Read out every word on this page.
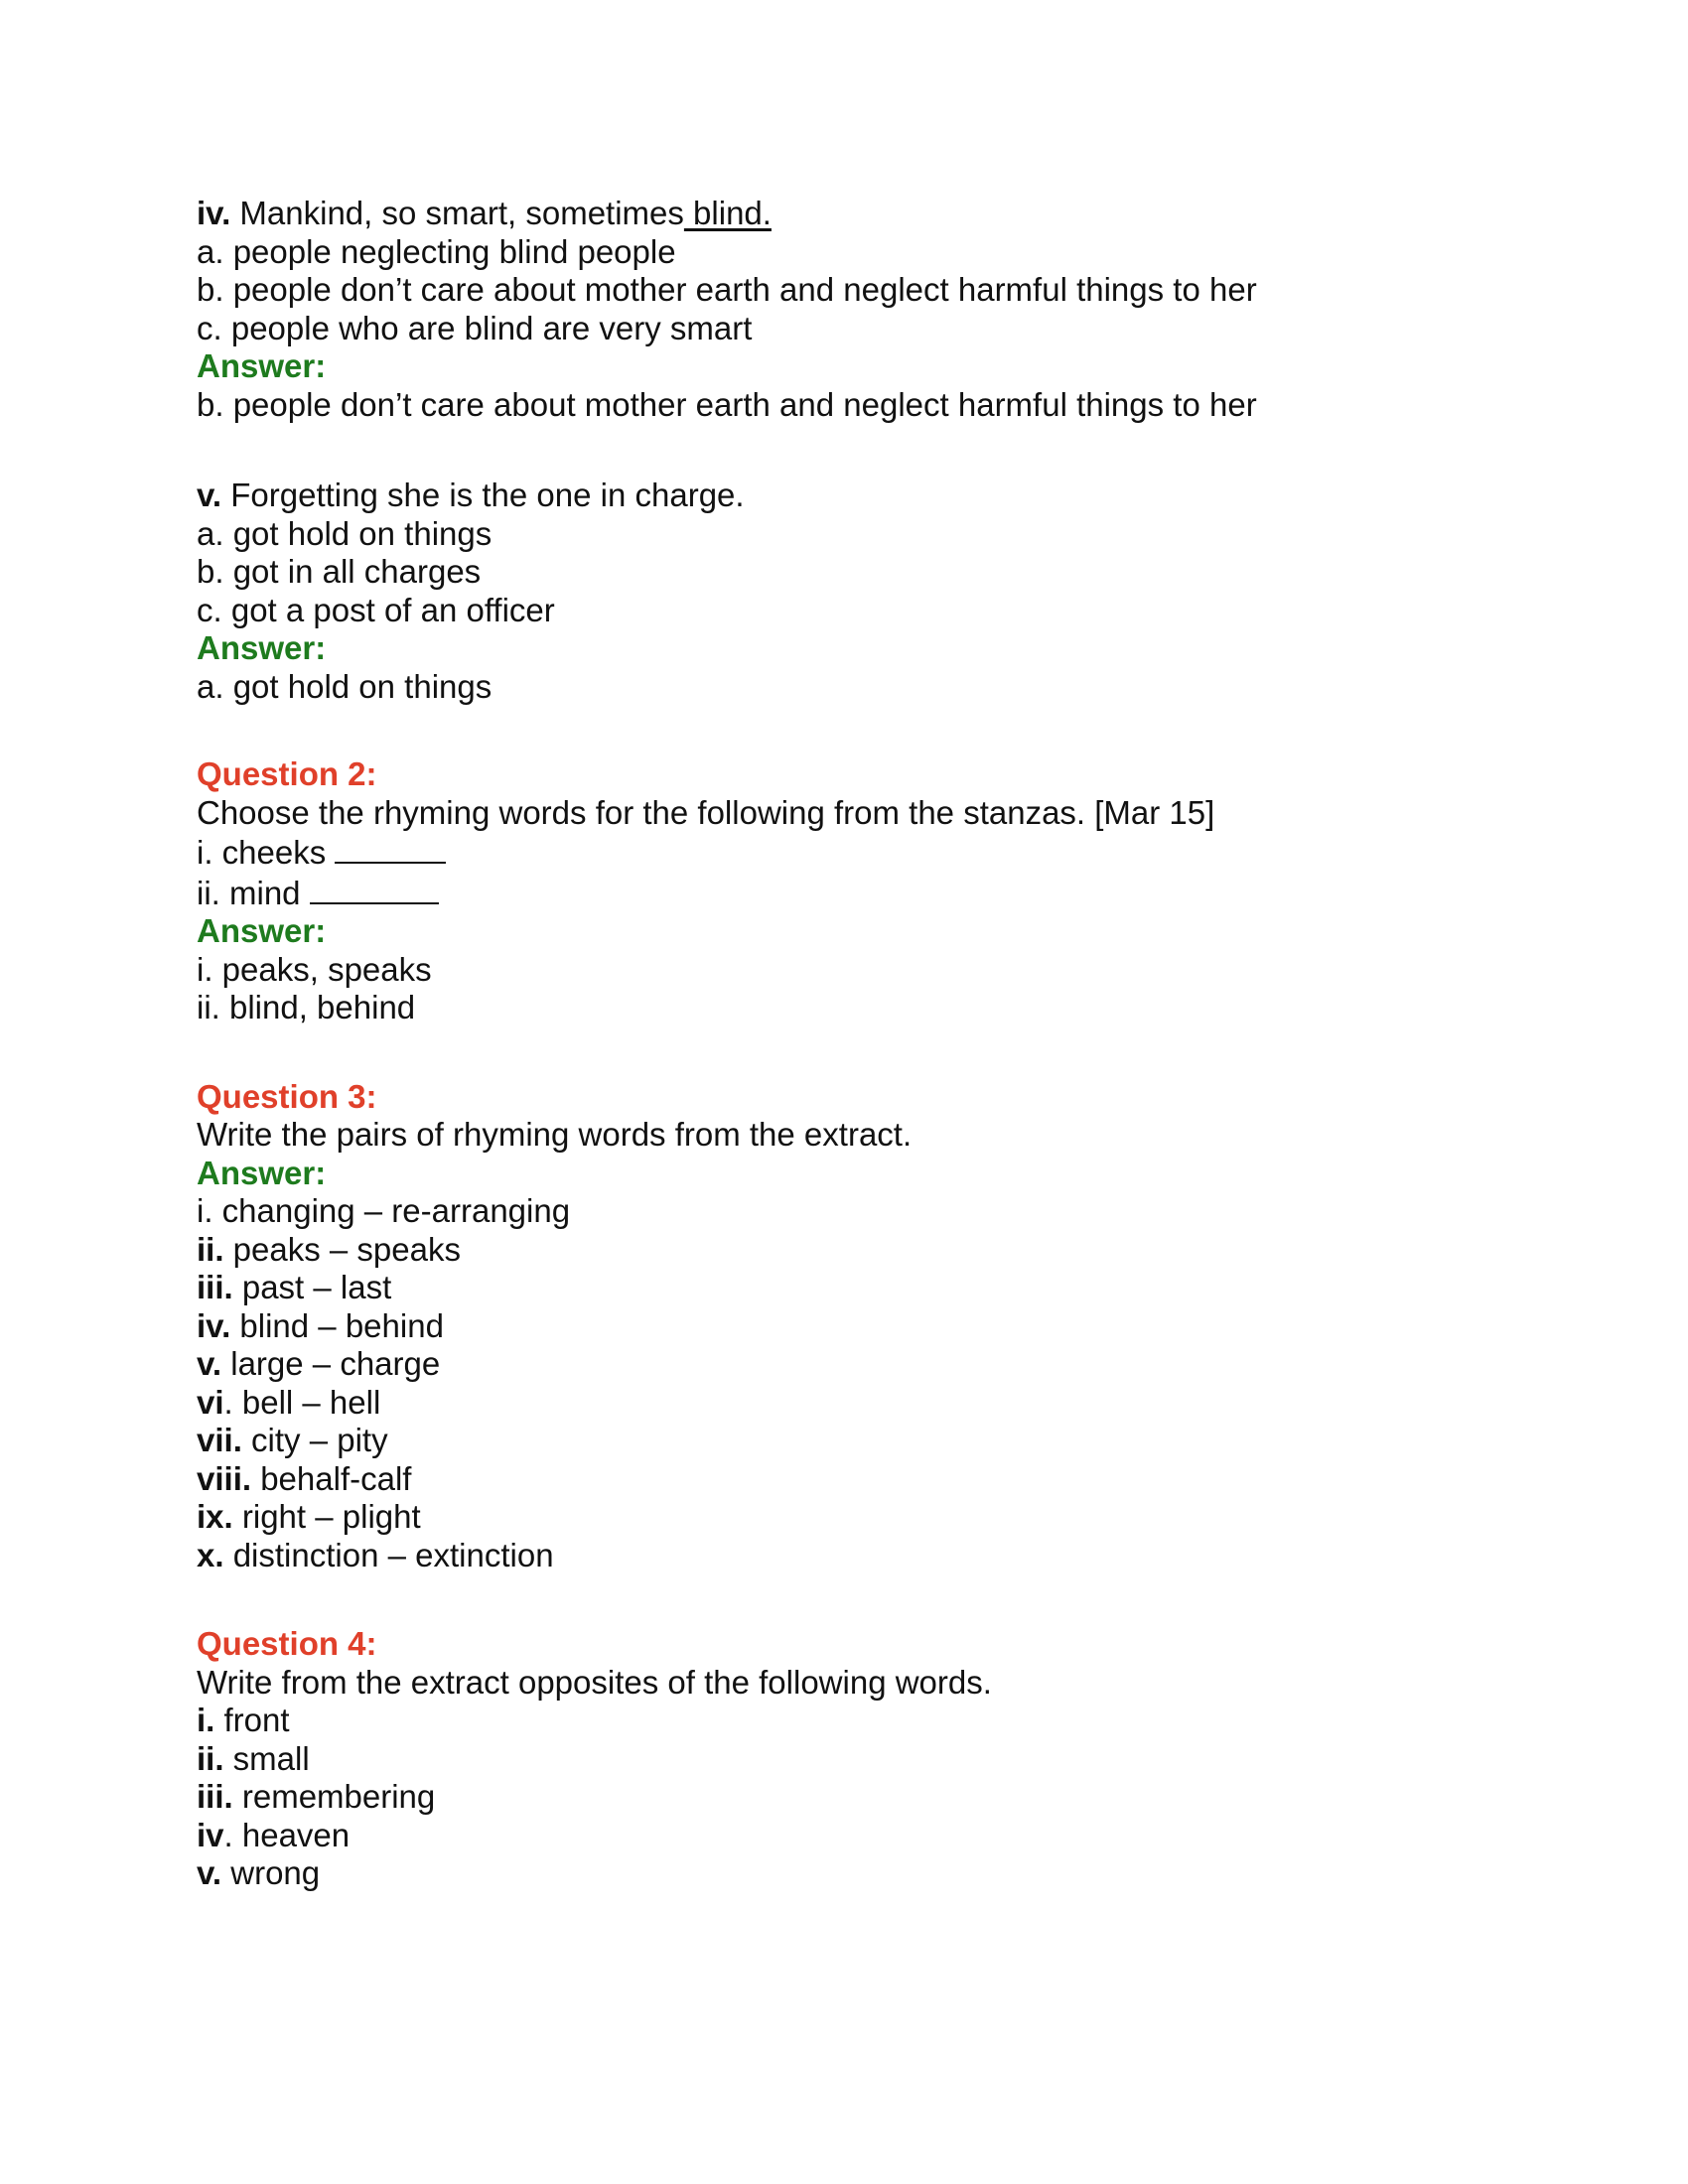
iv. Mankind, so smart, sometimes blind.
a. people neglecting blind people
b. people don’t care about mother earth and neglect harmful things to her
c. people who are blind are very smart
Answer:
b. people don’t care about mother earth and neglect harmful things to her
v. Forgetting she is the one in charge.
a. got hold on things
b. got in all charges
c. got a post of an officer
Answer:
a. got hold on things
Question 2:
Choose the rhyming words for the following from the stanzas. [Mar 15]
i. cheeks
ii. mind
Answer:
i. peaks, speaks
ii. blind, behind
Question 3:
Write the pairs of rhyming words from the extract.
Answer:
i. changing – re-arranging
ii. peaks – speaks
iii. past – last
iv. blind – behind
v. large – charge
vi. bell – hell
vii. city – pity
viii. behalf-calf
ix. right – plight
x. distinction – extinction
Question 4:
Write from the extract opposites of the following words.
i. front
ii. small
iii. remembering
iv. heaven
v. wrong
